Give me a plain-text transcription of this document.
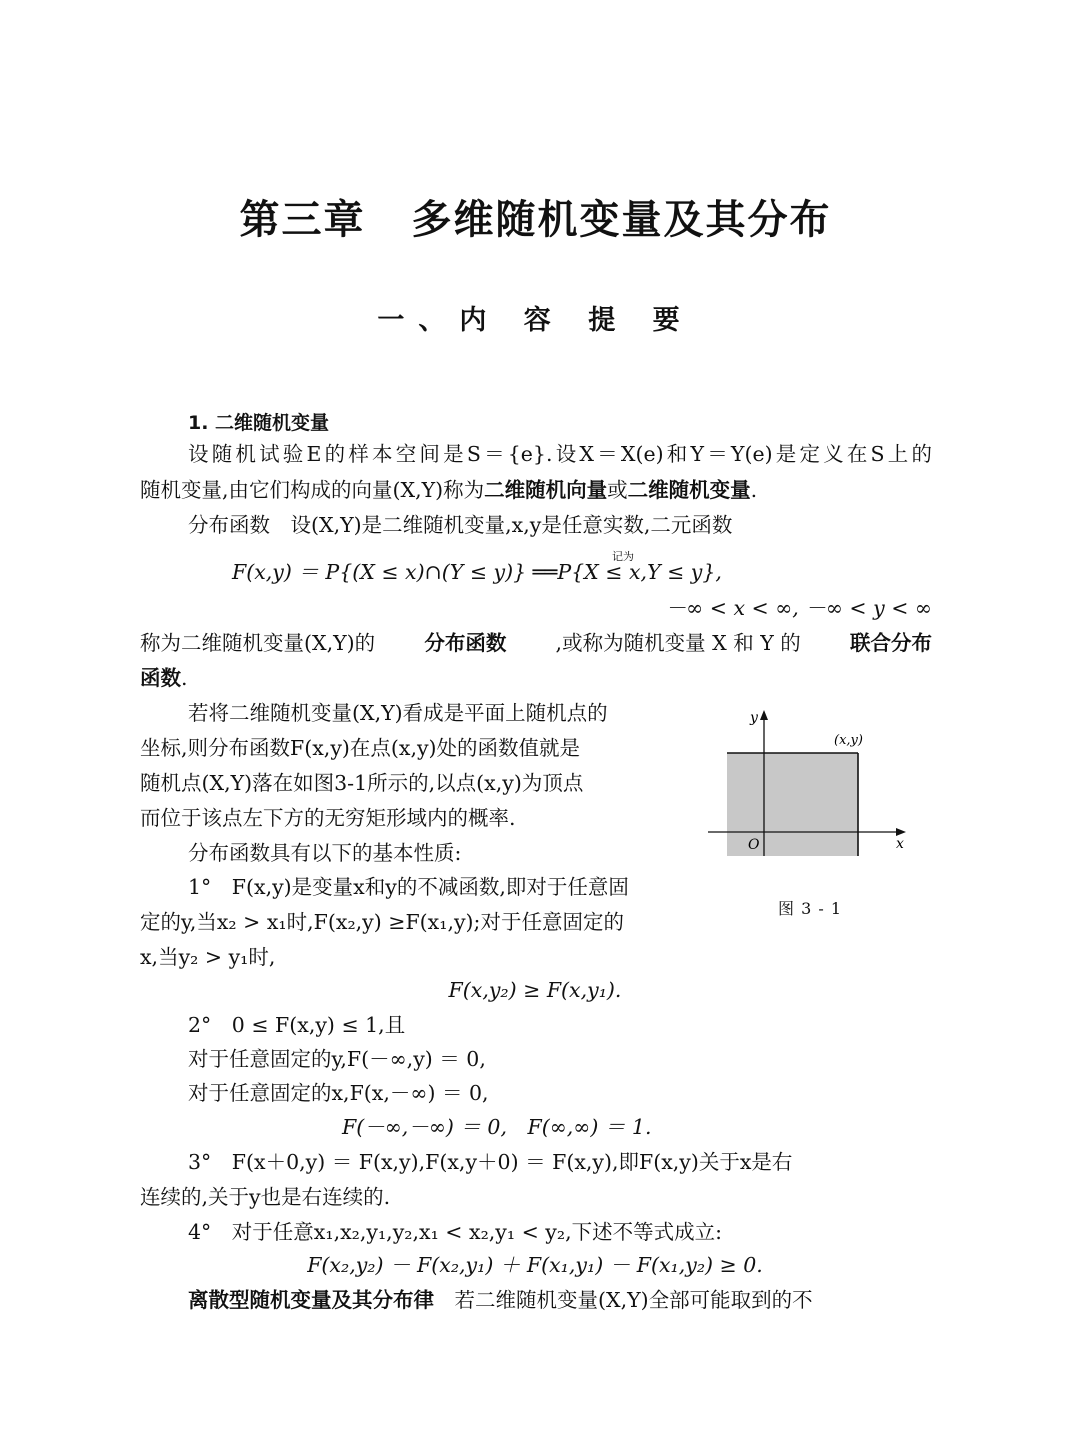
第三章 多维随机变量及其分布
一、内 容 提 要
1. 二维随机变量
设随机试验E的样本空间是S＝{e}.设X＝X(e)和Y＝Y(e)是定义在S上的
随机变量,由它们构成的向量(X,Y)称为二维随机向量或二维随机变量.
分布函数　设(X,Y)是二维随机变量,x,y是任意实数,二元函数
记为
F(x,y) ＝ P{(X ≤ x)∩(Y ≤ y)} ══P{X ≤ x,Y ≤ y},
－∞ < x < ∞, －∞ < y < ∞
称为二维随机变量(X,Y)的 分布函数 ,或称为随机变量 X 和 Y 的 联合分布
函数.
若将二维随机变量(X,Y)看成是平面上随机点的
坐标,则分布函数F(x,y)在点(x,y)处的函数值就是
随机点(X,Y)落在如图3-1所示的,以点(x,y)为顶点
而位于该点左下方的无穷矩形域内的概率.
分布函数具有以下的基本性质:
1°　F(x,y)是变量x和y的不减函数,即对于任意固
定的y,当x₂ > x₁时,F(x₂,y) ≥F(x₁,y);对于任意固定的
x,当y₂ > y₁时,
F(x,y₂) ≥ F(x,y₁).
2°　0 ≤ F(x,y) ≤ 1,且
对于任意固定的y,F(－∞,y) ＝ 0,
对于任意固定的x,F(x,－∞) ＝ 0,
F(－∞,－∞) ＝ 0,　F(∞,∞) ＝ 1.
3°　F(x＋0,y) ＝ F(x,y),F(x,y＋0) ＝ F(x,y),即F(x,y)关于x是右
连续的,关于y也是右连续的.
4°　对于任意x₁,x₂,y₁,y₂,x₁ < x₂,y₁ < y₂,下述不等式成立:
F(x₂,y₂) － F(x₂,y₁) ＋ F(x₁,y₁) － F(x₁,y₂) ≥ 0.
离散型随机变量及其分布律　若二维随机变量(X,Y)全部可能取到的不
y
x
O
(x,y)
图 3 - 1
